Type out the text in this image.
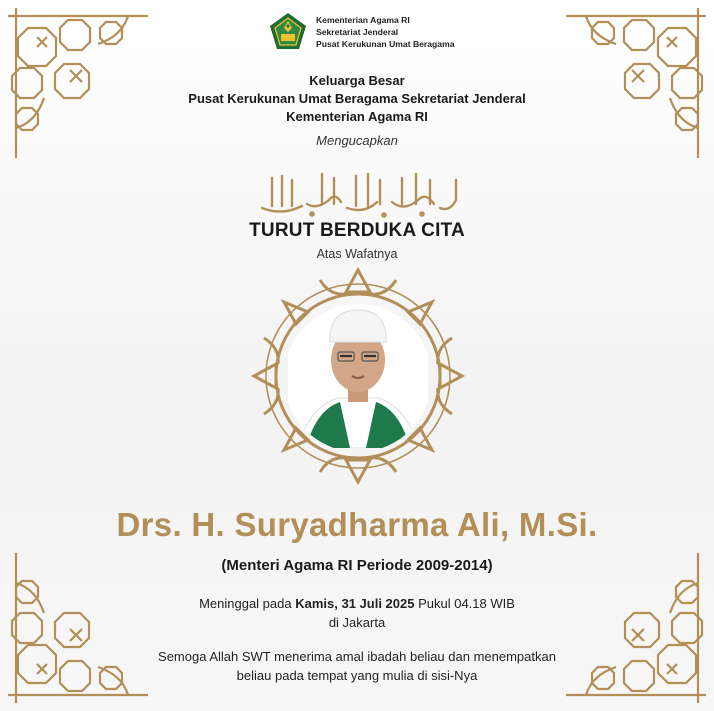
Kementerian Agama RI
Sekretariat Jenderal
Pusat Kerukunan Umat Beragama
Keluarga Besar
Pusat Kerukunan Umat Beragama Sekretariat Jenderal
Kementerian Agama RI
Mengucapkan
TURUT BERDUKA CITA
Atas Wafatnya
Drs. H. Suryadharma Ali, M.Si.
(Menteri Agama RI Periode 2009-2014)
Meninggal pada Kamis, 31 Juli 2025 Pukul 04.18 WIB
di Jakarta
Semoga Allah SWT menerima amal ibadah beliau dan menempatkan
beliau pada tempat yang mulia di sisi-Nya
